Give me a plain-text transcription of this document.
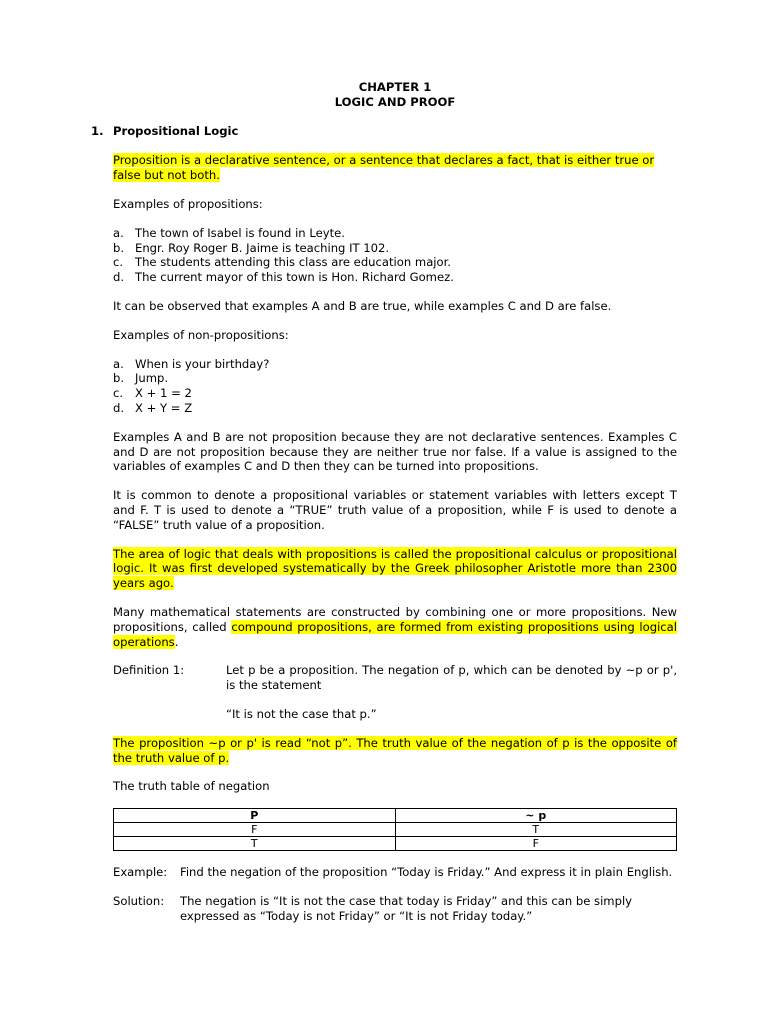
CHAPTER 1
LOGIC AND PROOF
1. Propositional Logic

Proposition is a declarative sentence, or a sentence that declares a fact, that is either true or false but not both.

Examples of propositions:

a. The town of Isabel is found in Leyte.
b. Engr. Roy Roger B. Jaime is teaching IT 102.
c. The students attending this class are education major.
d. The current mayor of this town is Hon. Richard Gomez.

It can be observed that examples A and B are true, while examples C and D are false.

Examples of non-propositions:

a. When is your birthday?
b. Jump.
c. X + 1 = 2
d. X + Y = Z

Examples A and B are not proposition because they are not declarative sentences. Examples C and D are not proposition because they are neither true nor false. If a value is assigned to the variables of examples C and D then they can be turned into propositions.

It is common to denote a propositional variables or statement variables with letters except T and F. T is used to denote a “TRUE” truth value of a proposition, while F is used to denote a “FALSE” truth value of a proposition.

The area of logic that deals with propositions is called the propositional calculus or propositional logic. It was first developed systematically by the Greek philosopher Aristotle more than 2300 years ago.

Many mathematical statements are constructed by combining one or more propositions. New propositions, called compound propositions, are formed from existing propositions using logical operations.

Definition 1:	Let p be a proposition. The negation of p, which can be denoted by ~p or p', is the statement

“It is not the case that p.”

The proposition ~p or p' is read “not p”. The truth value of the negation of p is the opposite of the truth value of p.

The truth table of negation

P	~ p
F	T
T	F
Example: Find the negation of the proposition “Today is Friday.” And express it in plain English.

Solution: The negation is “It is not the case that today is Friday” and this can be simply expressed as “Today is not Friday” or “It is not Friday today.”
